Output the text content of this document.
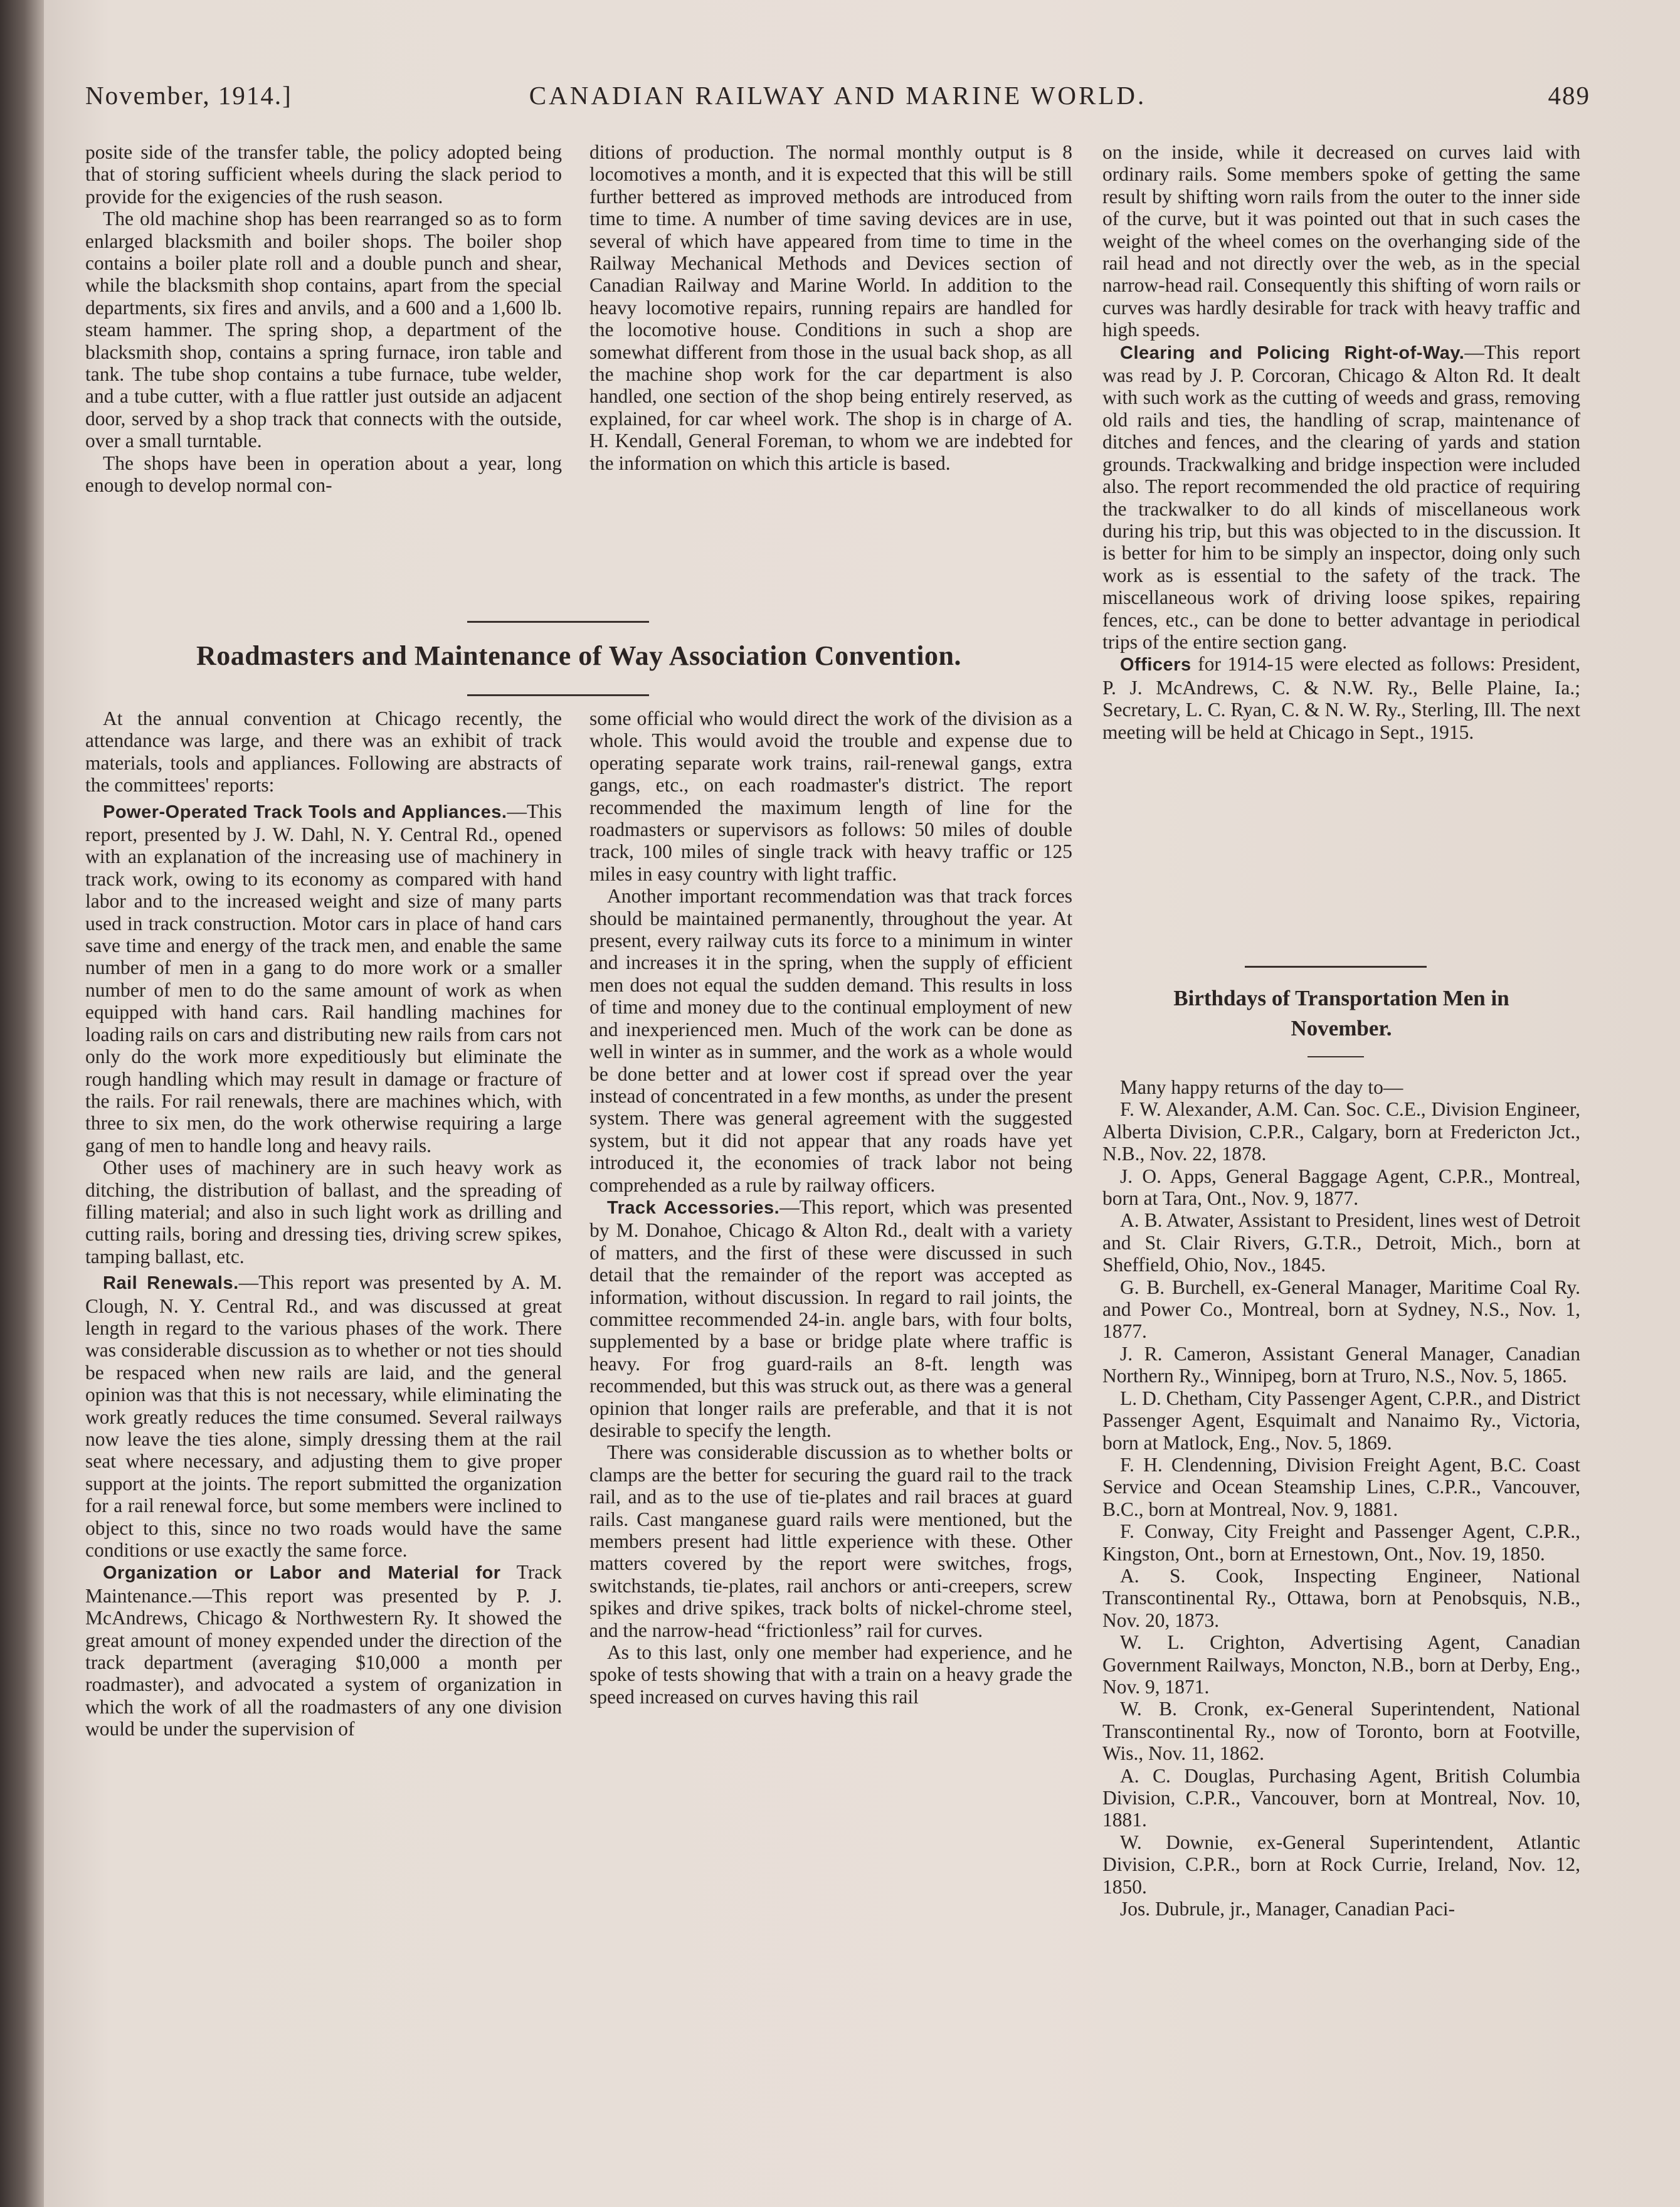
November, 1914.]	CANADIAN RAILWAY AND MARINE WORLD.	489

posite side of the transfer table, the policy adopted being that of storing sufficient wheels during the slack period to provide for the exigencies of the rush season.

The old machine shop has been rearranged so as to form enlarged blacksmith and boiler shops. The boiler shop contains a boiler plate roll and a double punch and shear, while the blacksmith shop contains, apart from the special departments, six fires and anvils, and a 600 and a 1,600 lb. steam hammer. The spring shop, a department of the blacksmith shop, contains a spring furnace, iron table and tank. The tube shop contains a tube furnace, tube welder, and a tube cutter, with a flue rattler just outside an adjacent door, served by a shop track that connects with the outside, over a small turntable.

The shops have been in operation about a year, long enough to develop normal con-

ditions of production. The normal monthly output is 8 locomotives a month, and it is expected that this will be still further bettered as improved methods are introduced from time to time. A number of time saving devices are in use, several of which have appeared from time to time in the Railway Mechanical Methods and Devices section of Canadian Railway and Marine World. In addition to the heavy locomotive repairs, running repairs are handled for the locomotive house. Conditions in such a shop are somewhat different from those in the usual back shop, as all the machine shop work for the car department is also handled, one section of the shop being entirely reserved, as explained, for car wheel work. The shop is in charge of A. H. Kendall, General Foreman, to whom we are indebted for the information on which this article is based.

Roadmasters and Maintenance of Way Association Convention.

At the annual convention at Chicago recently, the attendance was large, and there was an exhibit of track materials, tools and appliances. Following are abstracts of the committees' reports:

Power-Operated Track Tools and Appliances.—This report, presented by J. W. Dahl, N. Y. Central Rd., opened with an explanation of the increasing use of machinery in track work, owing to its economy as compared with hand labor and to the increased weight and size of many parts used in track construction. Motor cars in place of hand cars save time and energy of the track men, and enable the same number of men in a gang to do more work or a smaller number of men to do the same amount of work as when equipped with hand cars. Rail handling machines for loading rails on cars and distributing new rails from cars not only do the work more expeditiously but eliminate the rough handling which may result in damage or fracture of the rails. For rail renewals, there are machines which, with three to six men, do the work otherwise requiring a large gang of men to handle long and heavy rails.

Other uses of machinery are in such heavy work as ditching, the distribution of ballast, and the spreading of filling material; and also in such light work as drilling and cutting rails, boring and dressing ties, driving screw spikes, tamping ballast, etc.

Rail Renewals.—This report was presented by A. M. Clough, N. Y. Central Rd., and was discussed at great length in regard to the various phases of the work. There was considerable discussion as to whether or not ties should be respaced when new rails are laid, and the general opinion was that this is not necessary, while eliminating the work greatly reduces the time consumed. Several railways now leave the ties alone, simply dressing them at the rail seat where necessary, and adjusting them to give proper support at the joints. The report submitted the organization for a rail renewal force, but some members were inclined to object to this, since no two roads would have the same conditions or use exactly the same force.

Organization or Labor and Material for Track Maintenance.—This report was presented by P. J. McAndrews, Chicago & Northwestern Ry. It showed the great amount of money expended under the direction of the track department (averaging $10,000 a month per roadmaster), and advocated a system of organization in which the work of all the roadmasters of any one division would be under the supervision of

some official who would direct the work of the division as a whole. This would avoid the trouble and expense due to operating separate work trains, rail-renewal gangs, extra gangs, etc., on each roadmaster's district. The report recommended the maximum length of line for the roadmasters or supervisors as follows: 50 miles of double track, 100 miles of single track with heavy traffic or 125 miles in easy country with light traffic.

Another important recommendation was that track forces should be maintained permanently, throughout the year. At present, every railway cuts its force to a minimum in winter and increases it in the spring, when the supply of efficient men does not equal the sudden demand. This results in loss of time and money due to the continual employment of new and inexperienced men. Much of the work can be done as well in winter as in summer, and the work as a whole would be done better and at lower cost if spread over the year instead of concentrated in a few months, as under the present system. There was general agreement with the suggested system, but it did not appear that any roads have yet introduced it, the economies of track labor not being comprehended as a rule by railway officers.

Track Accessories.—This report, which was presented by M. Donahoe, Chicago & Alton Rd., dealt with a variety of matters, and the first of these were discussed in such detail that the remainder of the report was accepted as information, without discussion. In regard to rail joints, the committee recommended 24-in. angle bars, with four bolts, supplemented by a base or bridge plate where traffic is heavy. For frog guard-rails an 8-ft. length was recommended, but this was struck out, as there was a general opinion that longer rails are preferable, and that it is not desirable to specify the length.

There was considerable discussion as to whether bolts or clamps are the better for securing the guard rail to the track rail, and as to the use of tie-plates and rail braces at guard rails. Cast manganese guard rails were mentioned, but the members present had little experience with these. Other matters covered by the report were switches, frogs, switchstands, tie-plates, rail anchors or anti-creepers, screw spikes and drive spikes, track bolts of nickel-chrome steel, and the narrow-head “frictionless” rail for curves.

As to this last, only one member had experience, and he spoke of tests showing that with a train on a heavy grade the speed increased on curves having this rail

on the inside, while it decreased on curves laid with ordinary rails. Some members spoke of getting the same result by shifting worn rails from the outer to the inner side of the curve, but it was pointed out that in such cases the weight of the wheel comes on the overhanging side of the rail head and not directly over the web, as in the special narrow-head rail. Consequently this shifting of worn rails or curves was hardly desirable for track with heavy traffic and high speeds.

Clearing and Policing Right-of-Way.—This report was read by J. P. Corcoran, Chicago & Alton Rd. It dealt with such work as the cutting of weeds and grass, removing old rails and ties, the handling of scrap, maintenance of ditches and fences, and the clearing of yards and station grounds. Trackwalking and bridge inspection were included also. The report recommended the old practice of requiring the trackwalker to do all kinds of miscellaneous work during his trip, but this was objected to in the discussion. It is better for him to be simply an inspector, doing only such work as is essential to the safety of the track. The miscellaneous work of driving loose spikes, repairing fences, etc., can be done to better advantage in periodical trips of the entire section gang.

Officers for 1914-15 were elected as follows: President, P. J. McAndrews, C. & N.W. Ry., Belle Plaine, Ia.; Secretary, L. C. Ryan, C. & N. W. Ry., Sterling, Ill. The next meeting will be held at Chicago in Sept., 1915.

Birthdays of Transportation Men in
November.

Many happy returns of the day to—

F. W. Alexander, A.M. Can. Soc. C.E., Division Engineer, Alberta Division, C.P.R., Calgary, born at Fredericton Jct., N.B., Nov. 22, 1878.

J. O. Apps, General Baggage Agent, C.P.R., Montreal, born at Tara, Ont., Nov. 9, 1877.

A. B. Atwater, Assistant to President, lines west of Detroit and St. Clair Rivers, G.T.R., Detroit, Mich., born at Sheffield, Ohio, Nov., 1845.

G. B. Burchell, ex-General Manager, Maritime Coal Ry. and Power Co., Montreal, born at Sydney, N.S., Nov. 1, 1877.

J. R. Cameron, Assistant General Manager, Canadian Northern Ry., Winnipeg, born at Truro, N.S., Nov. 5, 1865.

L. D. Chetham, City Passenger Agent, C.P.R., and District Passenger Agent, Esquimalt and Nanaimo Ry., Victoria, born at Matlock, Eng., Nov. 5, 1869.

F. H. Clendenning, Division Freight Agent, B.C. Coast Service and Ocean Steamship Lines, C.P.R., Vancouver, B.C., born at Montreal, Nov. 9, 1881.

F. Conway, City Freight and Passenger Agent, C.P.R., Kingston, Ont., born at Ernestown, Ont., Nov. 19, 1850.

A. S. Cook, Inspecting Engineer, National Transcontinental Ry., Ottawa, born at Penobsquis, N.B., Nov. 20, 1873.

W. L. Crighton, Advertising Agent, Canadian Government Railways, Moncton, N.B., born at Derby, Eng., Nov. 9, 1871.

W. B. Cronk, ex-General Superintendent, National Transcontinental Ry., now of Toronto, born at Footville, Wis., Nov. 11, 1862.

A. C. Douglas, Purchasing Agent, British Columbia Division, C.P.R., Vancouver, born at Montreal, Nov. 10, 1881.

W. Downie, ex-General Superintendent, Atlantic Division, C.P.R., born at Rock Currie, Ireland, Nov. 12, 1850.

Jos. Dubrule, jr., Manager, Canadian Paci-
